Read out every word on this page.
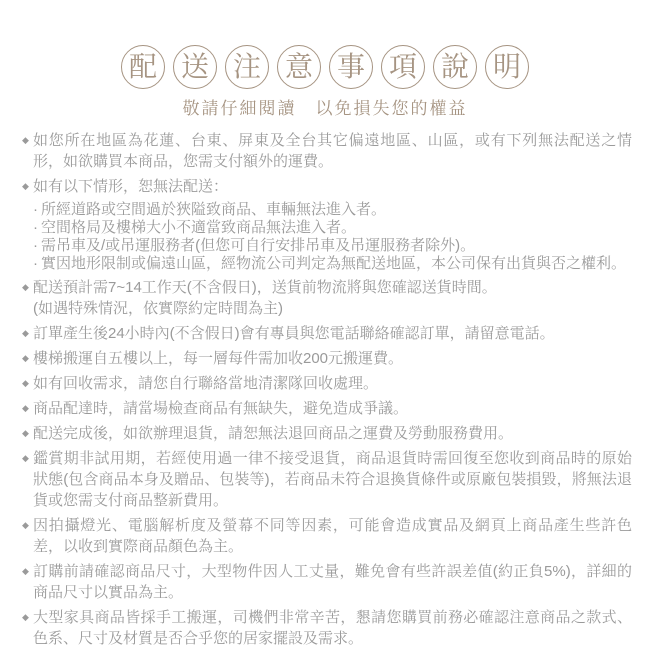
配 送 注 意 事 項 說 明
敬請仔細閱讀　以免損失您的權益
◆ 如您所在地區為花蓮、台東、屏東及全台其它偏遠地區、山區，或有下列無法配送之情形，如欲購買本商品，您需支付額外的運費。
◆ 如有以下情形，恕無法配送：
· 所經道路或空間過於狹隘致商品、車輛無法進入者。
· 空間格局及樓梯大小不適當致商品無法進入者。
· 需吊車及/或吊運服務者(但您可自行安排吊車及吊運服務者除外)。
· 實因地形限制或偏遠山區，經物流公司判定為無配送地區，本公司保有出貨與否之權利。
◆ 配送預計需7~14工作天(不含假日)，送貨前物流將與您確認送貨時間。
(如遇特殊情況，依實際約定時間為主)
◆ 訂單產生後24小時內(不含假日)會有專員與您電話聯絡確認訂單，請留意電話。
◆ 樓梯搬運自五樓以上，每一層每件需加收200元搬運費。
◆ 如有回收需求，請您自行聯絡當地清潔隊回收處理。
◆ 商品配達時，請當場檢查商品有無缺失，避免造成爭議。
◆ 配送完成後，如欲辦理退貨，請恕無法退回商品之運費及勞動服務費用。
◆ 鑑賞期非試用期，若經使用過一律不接受退貨，商品退貨時需回復至您收到商品時的原始狀態(包含商品本身及贈品、包裝等)，若商品未符合退換貨條件或原廠包裝損毀，將無法退貨或您需支付商品整新費用。
◆ 因拍攝燈光、電腦解析度及螢幕不同等因素，可能會造成實品及網頁上商品產生些許色差，以收到實際商品顏色為主。
◆ 訂購前請確認商品尺寸，大型物件因人工丈量，難免會有些許誤差值(約正負5%)，詳細的商品尺寸以實品為主。
◆ 大型家具商品皆採手工搬運，司機們非常辛苦，懇請您購買前務必確認注意商品之款式、色系、尺寸及材質是否合乎您的居家擺設及需求。
